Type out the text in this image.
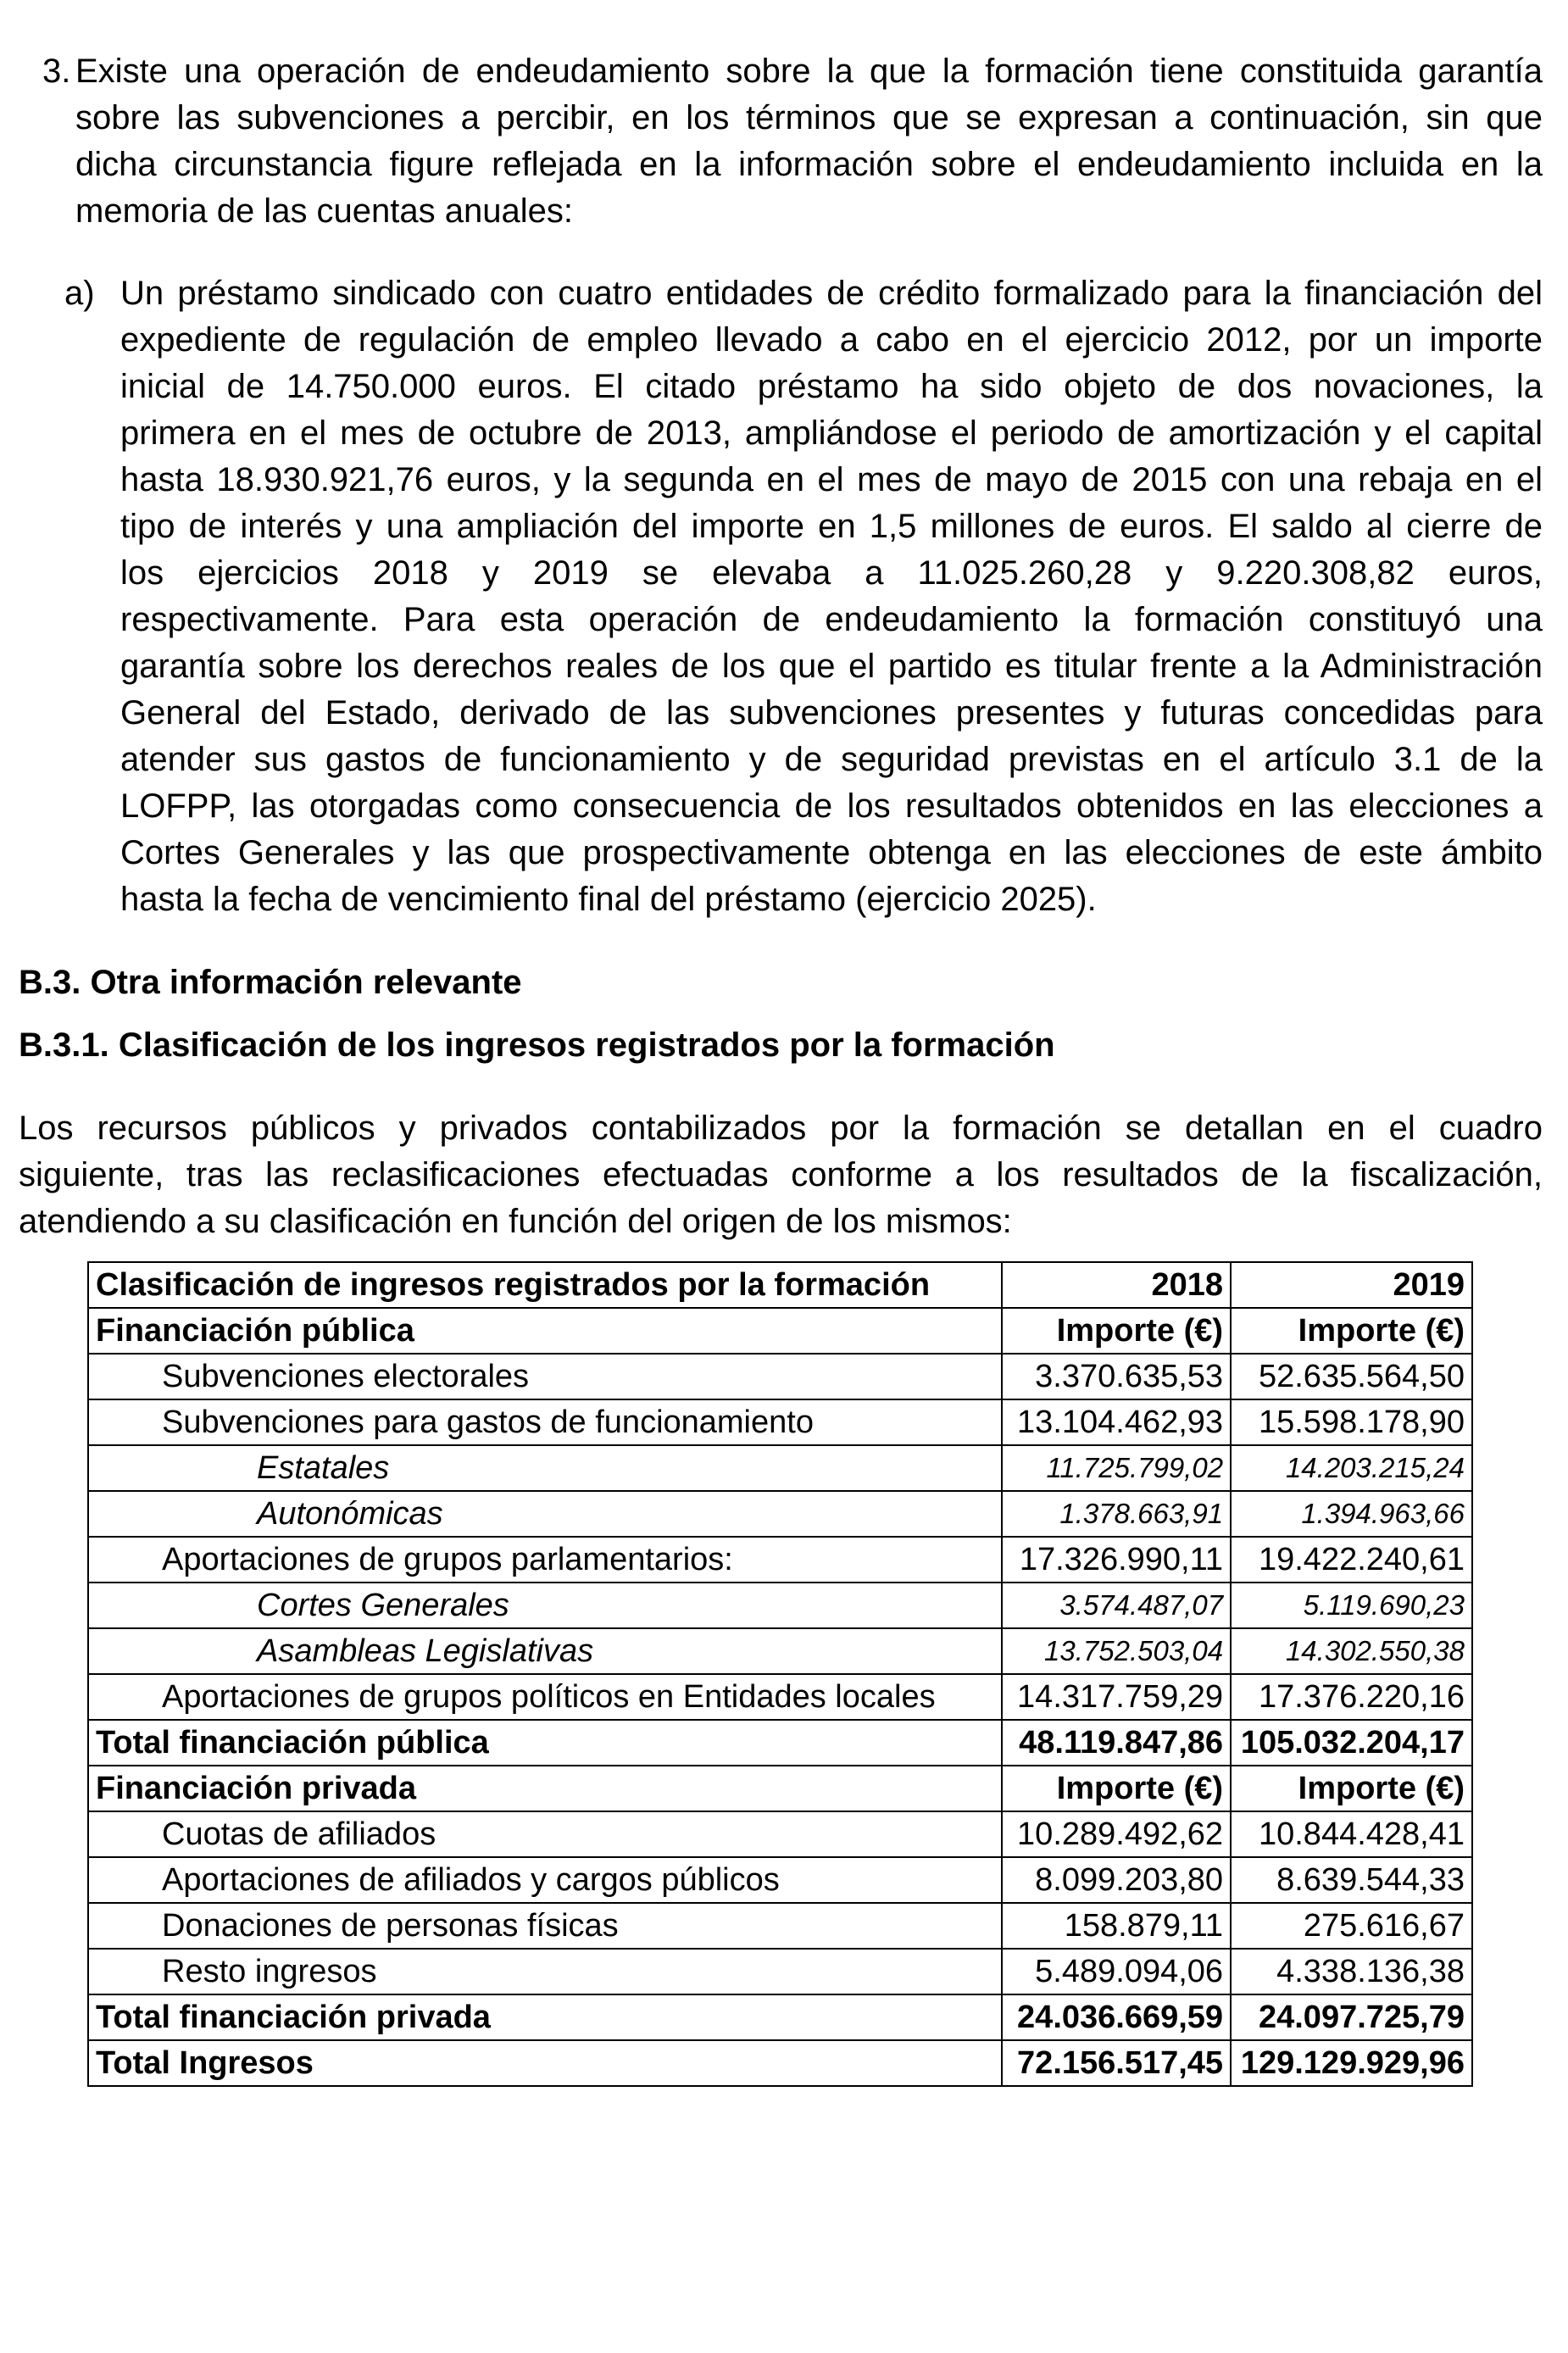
3. Existe una operación de endeudamiento sobre la que la formación tiene constituida garantía
sobre las subvenciones a percibir, en los términos que se expresan a continuación, sin que
dicha circunstancia figure reflejada en la información sobre el endeudamiento incluida en la
memoria de las cuentas anuales:
a) Un préstamo sindicado con cuatro entidades de crédito formalizado para la financiación del
expediente de regulación de empleo llevado a cabo en el ejercicio 2012, por un importe
inicial de 14.750.000 euros. El citado préstamo ha sido objeto de dos novaciones, la
primera en el mes de octubre de 2013, ampliándose el periodo de amortización y el capital
hasta 18.930.921,76 euros, y la segunda en el mes de mayo de 2015 con una rebaja en el
tipo de interés y una ampliación del importe en 1,5 millones de euros. El saldo al cierre de
los ejercicios 2018 y 2019 se elevaba a 11.025.260,28 y 9.220.308,82 euros,
respectivamente. Para esta operación de endeudamiento la formación constituyó una
garantía sobre los derechos reales de los que el partido es titular frente a la Administración
General del Estado, derivado de las subvenciones presentes y futuras concedidas para
atender sus gastos de funcionamiento y de seguridad previstas en el artículo 3.1 de la
LOFPP, las otorgadas como consecuencia de los resultados obtenidos en las elecciones a
Cortes Generales y las que prospectivamente obtenga en las elecciones de este ámbito
hasta la fecha de vencimiento final del préstamo (ejercicio 2025).
B.3. Otra información relevante
B.3.1. Clasificación de los ingresos registrados por la formación
Los recursos públicos y privados contabilizados por la formación se detallan en el cuadro
siguiente, tras las reclasificaciones efectuadas conforme a los resultados de la fiscalización,
atendiendo a su clasificación en función del origen de los mismos:
Clasificación de ingresos registrados por la formación	2018	2019
Financiación pública	Importe (€)	Importe (€)
Subvenciones electorales	3.370.635,53	52.635.564,50
Subvenciones para gastos de funcionamiento	13.104.462,93	15.598.178,90
Estatales	11.725.799,02	14.203.215,24
Autonómicas	1.378.663,91	1.394.963,66
Aportaciones de grupos parlamentarios:	17.326.990,11	19.422.240,61
Cortes Generales	3.574.487,07	5.119.690,23
Asambleas Legislativas	13.752.503,04	14.302.550,38
Aportaciones de grupos políticos en Entidades locales	14.317.759,29	17.376.220,16
Total financiación pública	48.119.847,86	105.032.204,17
Financiación privada	Importe (€)	Importe (€)
Cuotas de afiliados	10.289.492,62	10.844.428,41
Aportaciones de afiliados y cargos públicos	8.099.203,80	8.639.544,33
Donaciones de personas físicas	158.879,11	275.616,67
Resto ingresos	5.489.094,06	4.338.136,38
Total financiación privada	24.036.669,59	24.097.725,79
Total Ingresos	72.156.517,45	129.129.929,96
